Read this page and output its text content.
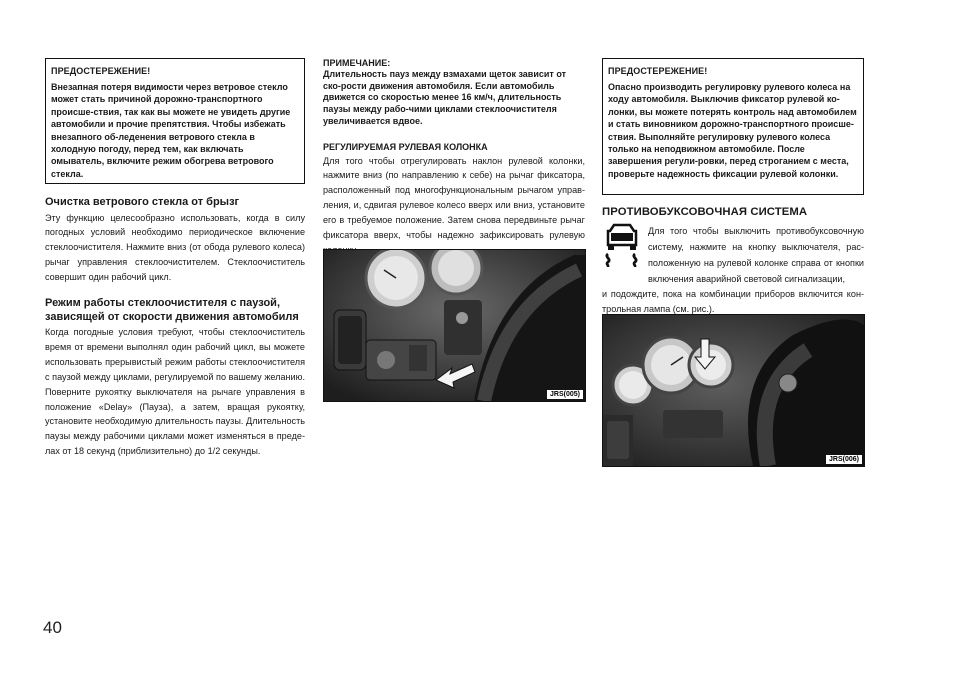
ПРЕДОСТЕРЕЖЕНИЕ!
Внезапная потеря видимости через ветровое стекло может стать причиной дорожно-транспортного происше-ствия, так как вы можете не увидеть другие автомобили и прочие препятствия. Чтобы избежать внезапного об-леденения ветрового стекла в холодную погоду, перед тем, как включать омыватель, включите режим обогрева ветрового стекла.
Очистка ветрового стекла от брызг
Эту функцию целесообразно использовать, когда в силу погодных условий необходимо периодическое включение стеклоочистителя. Нажмите вниз (от обода рулевого колеса) рычаг управления стеклоочистителем. Стеклоочиститель совершит один рабочий цикл.
Режим работы стеклоочистителя с паузой, зависящей от скорости движения автомобиля
Когда погодные условия требуют, чтобы стеклоочиститель время от времени выполнял один рабочий цикл, вы можете использовать прерывистый режим работы стеклоочистителя с паузой между циклами, регулируемой по вашему желанию. Поверните рукоятку выключателя на рычаге управления в положение «Delay» (Пауза), а затем, вращая рукоятку, установите необходимую длительность паузы. Длительность паузы между рабочими циклами может изменяться в преде-лах от 18 секунд (приблизительно) до 1/2 секунды.
ПРИМЕЧАНИЕ:
Длительность пауз между взмахами щеток зависит от ско-рости движения автомобиля. Если автомобиль движется со скоростью менее 16 км/ч, длительность паузы между рабо-чими циклами стеклоочистителя увеличивается вдвое.
РЕГУЛИРУЕМАЯ РУЛЕВАЯ КОЛОНКА
Для того чтобы отрегулировать наклон рулевой колонки, нажмите вниз (по направлению к себе) на рычаг фиксатора, расположенный под многофункциональным рычагом управ-ления, и, сдвигая рулевое колесо вверх или вниз, установите его в требуемое положение. Затем снова передвиньте рычаг фиксатора вверх, чтобы надежно зафиксировать рулевую
JRS(005)
ПРЕДОСТЕРЕЖЕНИЕ!
Опасно производить регулировку рулевого колеса на ходу автомобиля. Выключив фиксатор рулевой ко-лонки, вы можете потерять контроль над автомобилем и стать виновником дорожно-транспортного происше-ствия. Выполняйте регулировку рулевого колеса только на неподвижном автомобиле. После завершения регули-ровки, перед строганием с места, проверьте надежность фиксации рулевой колонки.
ПРОТИВОБУКСОВОЧНАЯ СИСТЕМА
Для того чтобы выключить противобуксовочную систему, нажмите на кнопку выключателя, рас-положенную на рулевой колонке справа от кнопки включения аварийной световой сигнализации,
и подождите, пока на комбинации приборов включится кон-трольная лампа (см. рис.).
JRS(006)
40
